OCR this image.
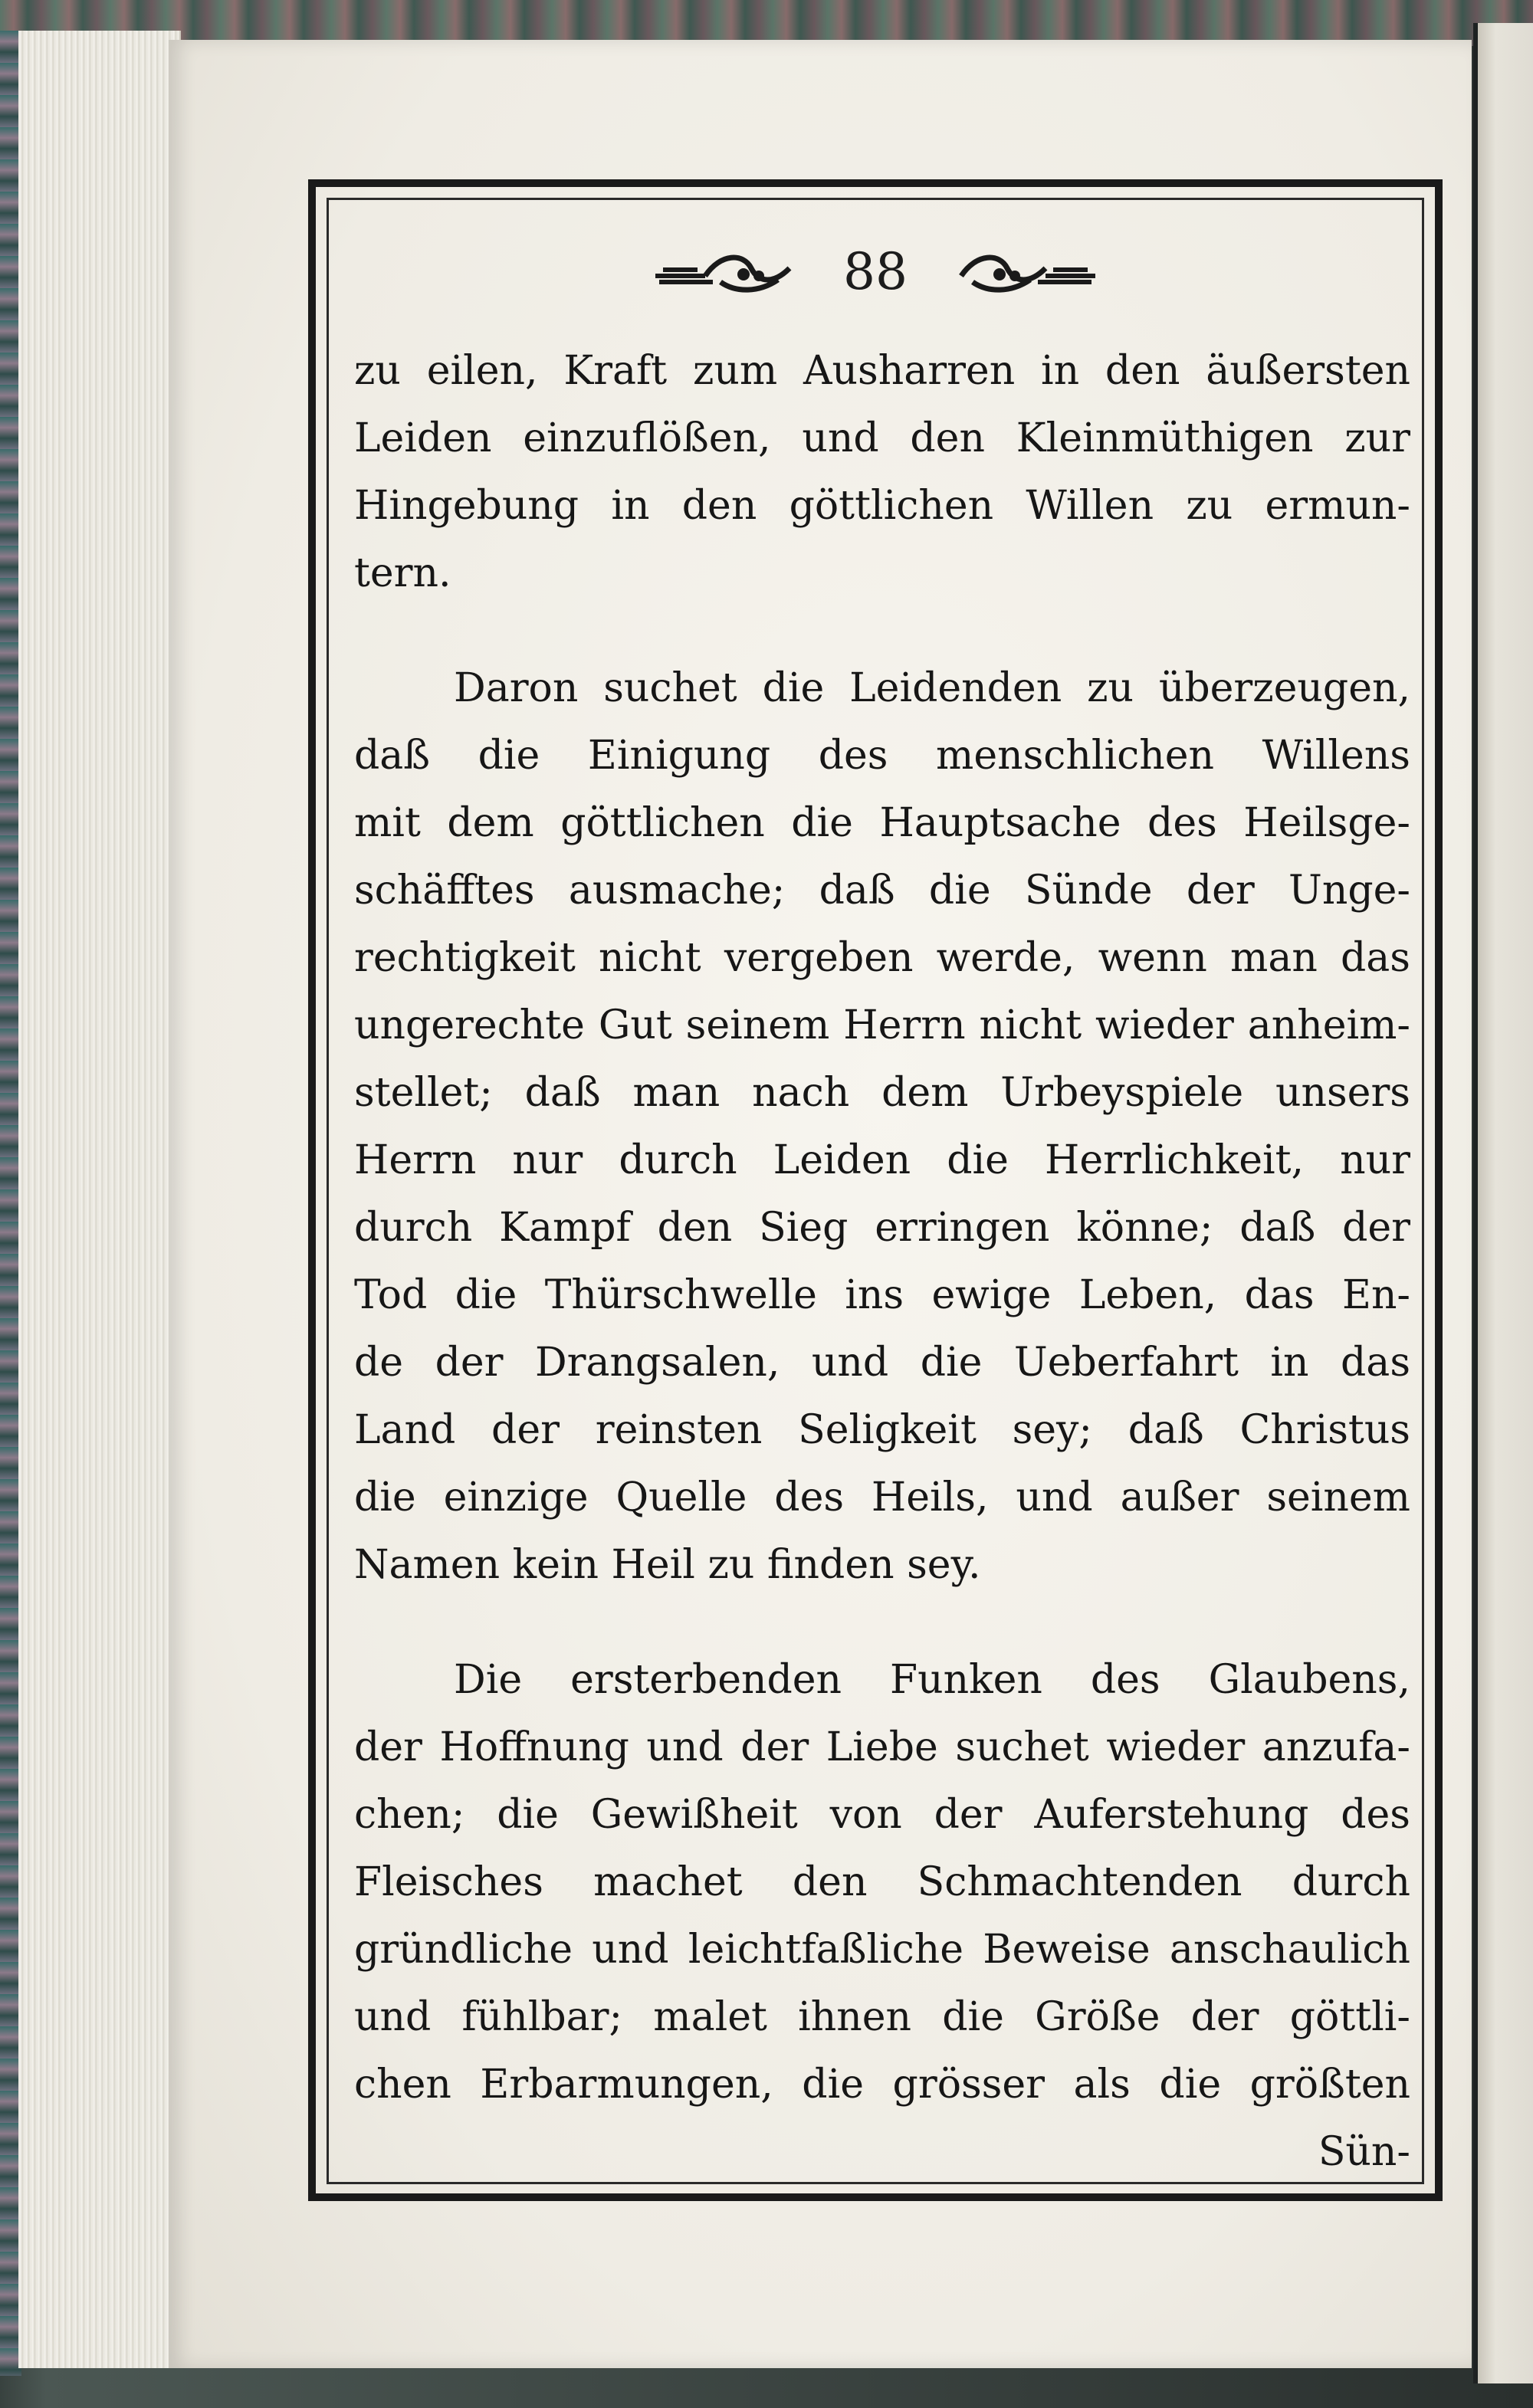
88
zu eilen, Kraft zum Ausharren in den äußersten
Leiden einzuflößen, und den Kleinmüthigen zur
Hingebung in den göttlichen Willen zu ermun-
tern.
Daron suchet die Leidenden zu überzeugen,
daß die Einigung des menschlichen Willens
mit dem göttlichen die Hauptsache des Heilsge-
schäfftes ausmache; daß die Sünde der Unge-
rechtigkeit nicht vergeben werde, wenn man das
ungerechte Gut seinem Herrn nicht wieder anheim-
stellet; daß man nach dem Urbeyspiele unsers
Herrn nur durch Leiden die Herrlichkeit, nur
durch Kampf den Sieg erringen könne; daß der
Tod die Thürschwelle ins ewige Leben, das En-
de der Drangsalen, und die Ueberfahrt in das
Land der reinsten Seligkeit sey; daß Christus
die einzige Quelle des Heils, und außer seinem
Namen kein Heil zu finden sey.
Die ersterbenden Funken des Glaubens,
der Hoffnung und der Liebe suchet wieder anzufa-
chen; die Gewißheit von der Auferstehung des
Fleisches machet den Schmachtenden durch
gründliche und leichtfaßliche Beweise anschaulich
und fühlbar; malet ihnen die Größe der göttli-
chen Erbarmungen, die grösser als die größten
Sün-
